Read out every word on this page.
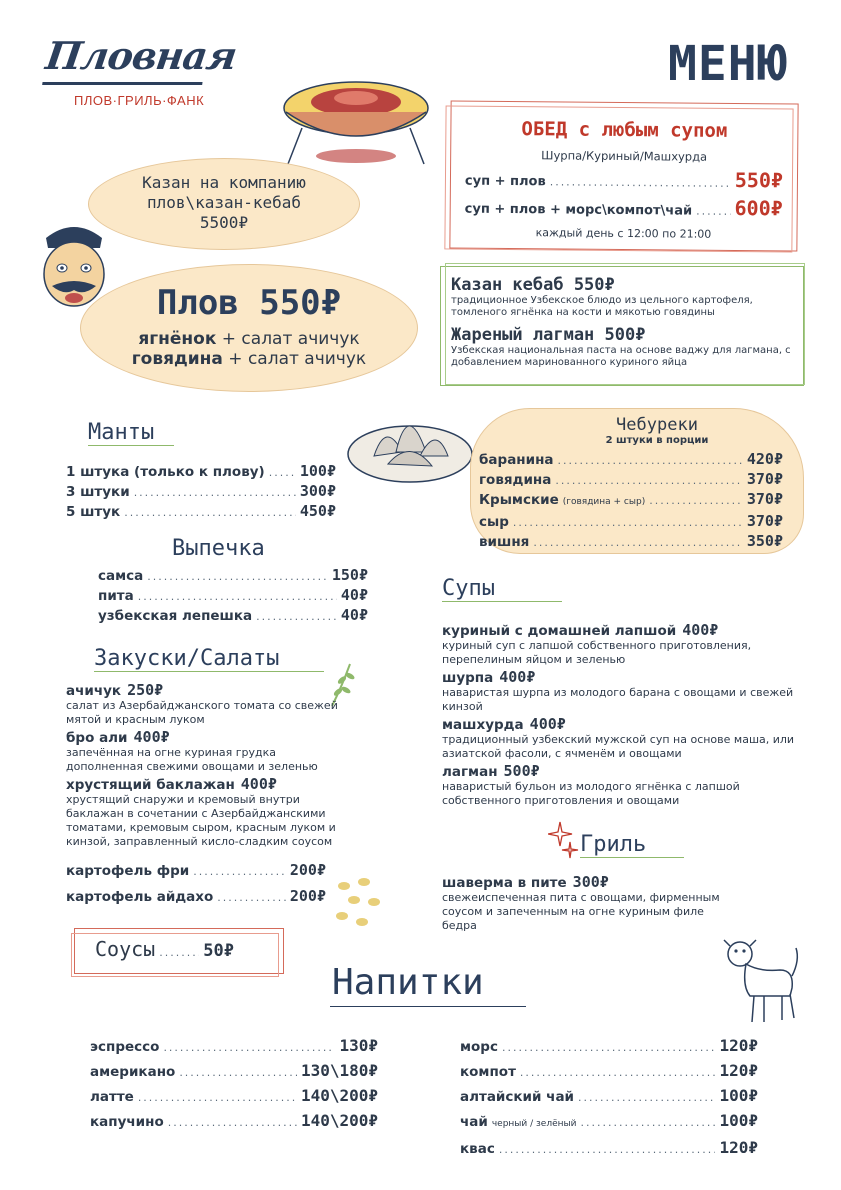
Пловная
ПЛОВ·ГРИЛЬ·ФАНК
МЕНЮ
Казан на компанию
плов\казан-кебаб
5500₽
Плов 550₽
ягнёнок + салат ачичук
говядина + салат ачичук
ОБЕД с любым супом
Шурпа/Куриный/Машхурда
суп + плов .....	550₽
суп + плов + морс\компот\чай ..... 600₽
каждый день с 12:00 по 21:00
Казан кебаб 550₽
традиционное Узбекское блюдо из цельного картофеля, томленого ягнёнка на кости и мякотью говядины
Жареный лагман 500₽
Узбекская национальная паста на основе ваджу для лагмана, с добавлением маринованного куриного яйца
Манты
1 штука (только к плову) ..... 100₽
3 штуки .....	300₽
5 штук .....	450₽
Чебуреки
2 штуки в порции
баранина .....	420₽
говядина .....	370₽
Крымские (говядина + сыр) .....	370₽
сыр .....	370₽
вишня .....	350₽
Выпечка
самса .....	150₽
пита .....	40₽
узбекская лепешка .....	40₽
Закуски/Салаты
ачичук 250₽
салат из Азербайджанского томата со свежей мятой и красным луком
бро али 400₽
запечённая на огне куриная грудка дополненная свежими овощами и зеленью
хрустящий баклажан 400₽
хрустящий снаружи и кремовый внутри баклажан в сочетании с Азербайджанскими томатами, кремовым сыром, красным луком и кинзой, заправленный кисло-сладким соусом
картофель фри .....	200₽
картофель айдахо .....	200₽
Соусы .....	50₽
Супы
куриный с домашней лапшой 400₽
куриный суп с лапшой собственного приготовления, перепелиным яйцом и зеленью
шурпа 400₽
наваристая шурпа из молодого барана с овощами и свежей кинзой
машхурда 400₽
традиционный узбекский мужской суп на основе маша, или азиатской фасоли, с ячменём и овощами
лагман 500₽
наваристый бульон из молодого ягнёнка с лапшой собственного приготовления и овощами
Гриль
шаверма в пите 300₽
свежеиспеченная пита с овощами, фирменным соусом и запеченным на огне куриным филе бедра
Напитки
эспрессо .....	130₽
американо .....	130\180₽
латте .....	140\200₽
капучино .....	140\200₽
морс .....	120₽
компот .....	120₽
алтайский чай .....	100₽
чай черный / зелёный .....	100₽
квас .....	120₽
